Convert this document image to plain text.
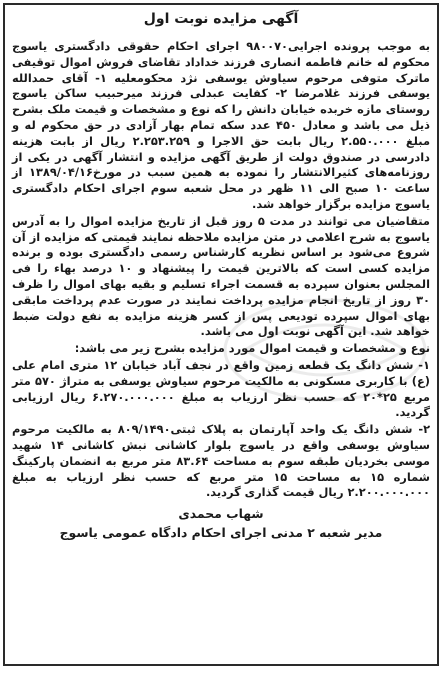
آگهی مزایده نوبت اول

به موجب پرونده اجرایی۹۸۰۰۷۰ اجرای احکام حقوقی دادگستری یاسوج محکوم له خانم فاطمه انصاری فرزند خداداد تقاضای فروش اموال توقیفی ماترک متوفی مرحوم سیاوش یوسفی نژد محکومعلیه ۱- آقای حمدالله یوسفی فرزند غلامرضا ۲- کفایت عبدلی فرزند میرحبیب ساکن یاسوج روستای مازه خربده خیابان دانش را که نوع و مشخصات و قیمت ملک بشرح ذیل می باشد و معادل ۴۵۰ عدد سکه تمام بهار آزادی در حق محکوم له و مبلغ ۲.۵۵۰.۰۰۰ ریال بابت حق الاجرا و ۲.۲۵۳.۲۵۹ ریال از بابت هزینه دادرسی در صندوق دولت از طریق آگهی مزایده و انتشار آگهی در یکی از روزنامه‌های کثیرالانتشار را نموده به همین سبب در مورخ۱۳۸۹/۰۴/۱۶ از ساعت ۱۰ صبح الی ۱۱ ظهر در محل شعبه سوم اجرای احکام دادگستری یاسوج مزایده برگزار خواهد شد.

متقاضیان می توانند در مدت ۵ روز قبل از تاریخ مزایده اموال را به آدرس یاسوج به شرح اعلامی در متن مزایده ملاحظه نمایند قیمتی که مزایده از آن شروع می‌شود بر اساس نظریه کارشناس رسمی دادگستری بوده و برنده مزایده کسی است که بالاترین قیمت را پیشنهاد و ۱۰ درصد بهاء را فی المجلس بعنوان سپرده به قسمت اجراء تسلیم و بقیه بهای اموال را ظرف ۳۰ روز از تاریخ انجام مزایده پرداخت نمایند در صورت عدم پرداخت مابقی بهای اموال سپرده تودیعی پس از کسر هزینه مزایده به نفع دولت ضبط خواهد شد. این آگهی نوبت اول می باشد.

نوع و مشخصات و قیمت اموال مورد مزایده بشرح زیر می باشد:

۱- شش دانگ یک قطعه زمین واقع در نجف آباد خیابان ۱۲ متری امام علی (ع) با کاربری مسکونی به مالکیت مرحوم سیاوش یوسفی به متراژ ۵۷۰ متر مربع ۲۵*۲۰ که حسب نظر ارزیاب به مبلغ ۶.۲۷۰.۰۰۰.۰۰۰ ریال ارزیابی گردید.

۲- شش دانگ یک واحد آپارتمان به پلاک ثبتی۸۰۹/۱۴۹۰ به مالکیت مرحوم سیاوش یوسفی واقع در یاسوج بلوار کاشانی نبش کاشانی ۱۴ شهید موسی بخردیان طبقه سوم به مساحت ۸۳.۶۴ متر مربع به انضمان پارکینگ شماره ۱۵ به مساحت ۱۵ متر مربع که حسب نظر ارزیاب به مبلغ ۲.۲۰۰.۰۰۰.۰۰۰ ریال قیمت گذاری گردید.

شهاب محمدی
مدیر شعبه ۲ مدنی اجرای احکام دادگاه عمومی یاسوج
